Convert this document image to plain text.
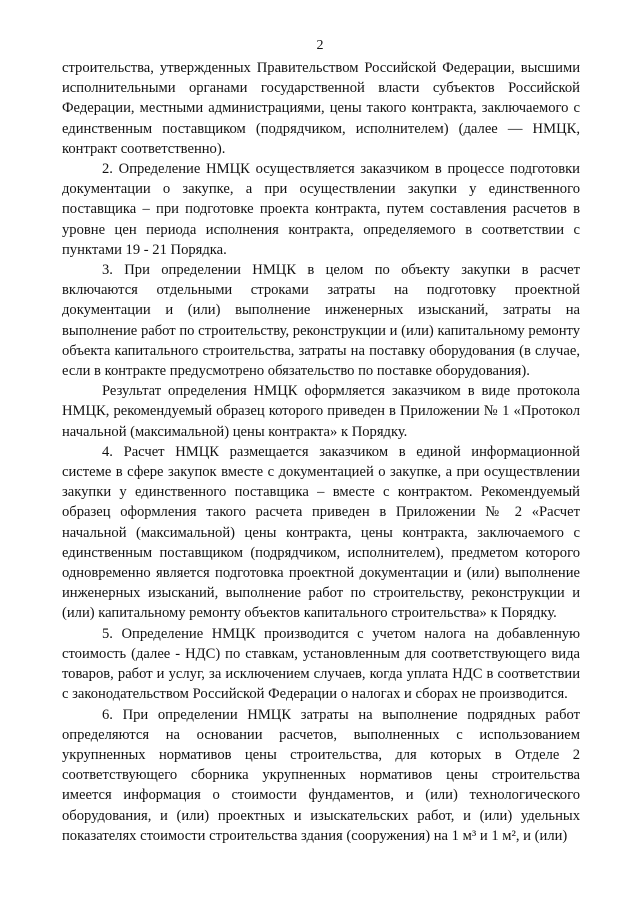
2

строительства, утвержденных Правительством Российской Федерации, высшими исполнительными органами государственной власти субъектов Российской Федерации, местными администрациями, цены такого контракта, заключаемого с единственным поставщиком (подрядчиком, исполнителем) (далее — НМЦК, контракт соответственно).

2. Определение НМЦК осуществляется заказчиком в процессе подготовки документации о закупке, а при осуществлении закупки у единственного поставщика – при подготовке проекта контракта, путем составления расчетов в уровне цен периода исполнения контракта, определяемого в соответствии с пунктами 19 - 21 Порядка.

3. При определении НМЦК в целом по объекту закупки в расчет включаются отдельными строками затраты на подготовку проектной документации и (или) выполнение инженерных изысканий, затраты на выполнение работ по строительству, реконструкции и (или) капитальному ремонту объекта капитального строительства, затраты на поставку оборудования (в случае, если в контракте предусмотрено обязательство по поставке оборудования).

Результат определения НМЦК оформляется заказчиком в виде протокола НМЦК, рекомендуемый образец которого приведен в Приложении № 1 «Протокол начальной (максимальной) цены контракта» к Порядку.

4. Расчет НМЦК размещается заказчиком в единой информационной системе в сфере закупок вместе с документацией о закупке, а при осуществлении закупки у единственного поставщика – вместе с контрактом. Рекомендуемый образец оформления такого расчета приведен в Приложении № 2 «Расчет начальной (максимальной) цены контракта, цены контракта, заключаемого с единственным поставщиком (подрядчиком, исполнителем), предметом которого одновременно является подготовка проектной документации и (или) выполнение инженерных изысканий, выполнение работ по строительству, реконструкции и (или) капитальному ремонту объектов капитального строительства» к Порядку.

5. Определение НМЦК производится с учетом налога на добавленную стоимость (далее - НДС) по ставкам, установленным для соответствующего вида товаров, работ и услуг, за исключением случаев, когда уплата НДС в соответствии с законодательством Российской Федерации о налогах и сборах не производится.

6. При определении НМЦК затраты на выполнение подрядных работ определяются на основании расчетов, выполненных с использованием укрупненных нормативов цены строительства, для которых в Отделе 2 соответствующего сборника укрупненных нормативов цены строительства имеется информация о стоимости фундаментов, и (или) технологического оборудования, и (или) проектных и изыскательских работ, и (или) удельных показателях стоимости строительства здания (сооружения) на 1 м³ и 1 м², и (или)
